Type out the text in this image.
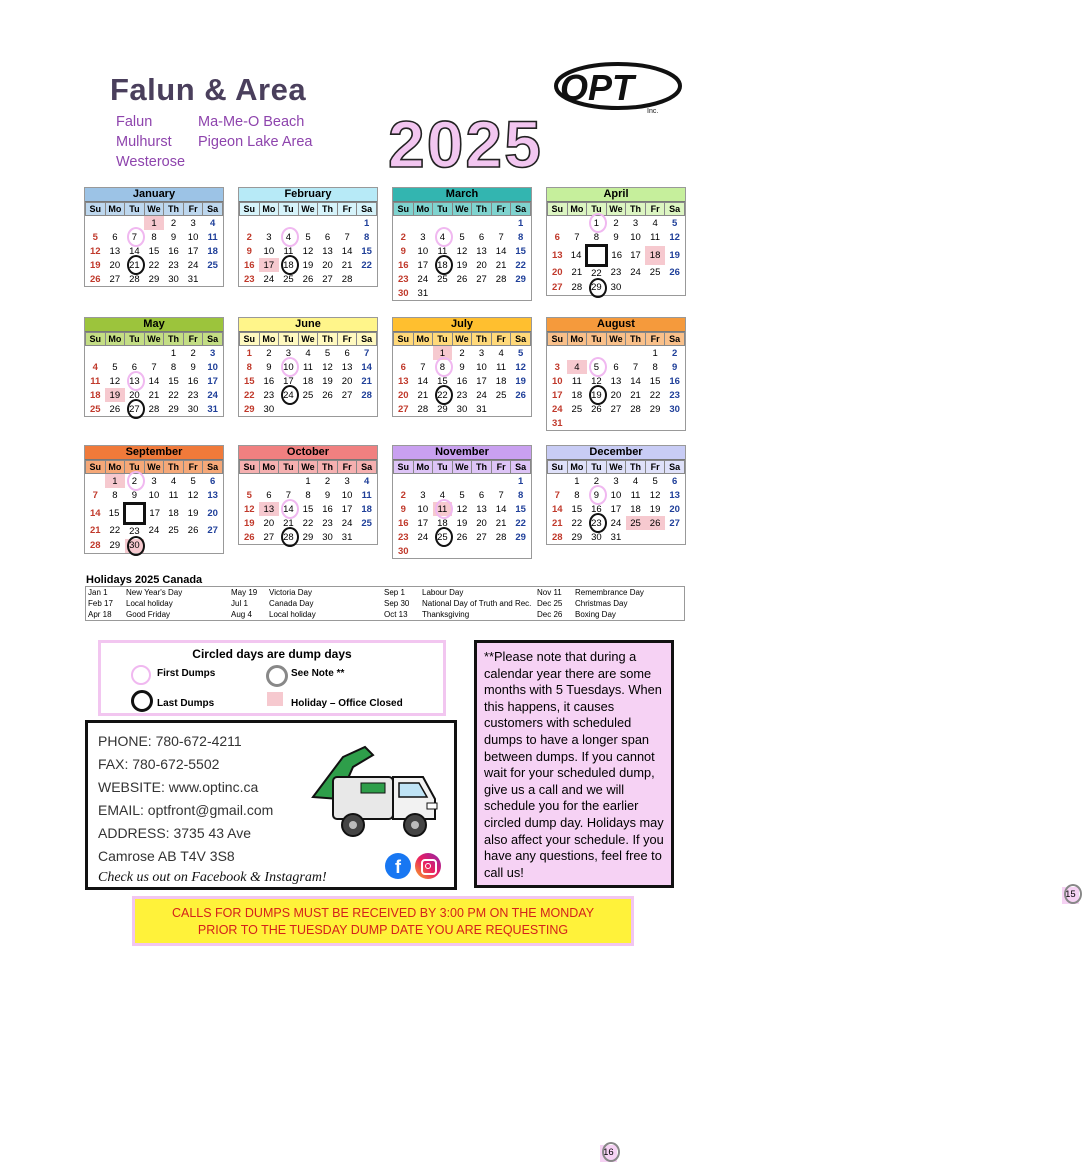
Falun & Area
Falun	Ma-Me-O Beach
Mulhurst Pigeon Lake Area
Westerose	2025
OPT
Inc.
January
Su	Mo	Tu	We	Th	Fr	Sa
			1	2	3	4
5	6	7	8	9	10	11
12	13	14	15	16	17	18
19	20	21	22	23	24	25
26	27	28	29	30	31	
February
Su	Mo	Tu	We	Th	Fr	Sa
						1
2	3	4	5	6	7	8
9	10	11	12	13	14	15
16	17	18	19	20	21	22
23	24	25	26	27	28	
March
Su	Mo	Tu	We	Th	Fr	Sa
						1
2	3	4	5	6	7	8
9	10	11	12	13	14	15
16	17	18	19	20	21	22
23	24	25	26	27	28	29
30	31					
April
Su	Mo	Tu	We	Th	Fr	Sa
		1	2	3	4	5
6	7	8	9	10	11	12
13	14	15	16	17	18	19
20	21	22	23	24	25	26
27	28	29	30			
May
Su	Mo	Tu	We	Th	Fr	Sa
				1	2	3
4	5	6	7	8	9	10
11	12	13	14	15	16	17
18	19	20	21	22	23	24
25	26	27	28	29	30	31
June
Su	Mo	Tu	We	Th	Fr	Sa
1	2	3	4	5	6	7
8	9	10	11	12	13	14
15	16	17	18	19	20	21
22	23	24	25	26	27	28
29	30					
July
Su	Mo	Tu	We	Th	Fr	Sa
		1	2	3	4	5
6	7	8	9	10	11	12
13	14	15	16	17	18	19
20	21	22	23	24	25	26
27	28	29	30	31		
August
Su	Mo	Tu	We	Th	Fr	Sa
					1	2
3	4	5	6	7	8	9
10	11	12	13	14	15	16
17	18	19	20	21	22	23
24	25	26	27	28	29	30
31						
September
Su	Mo	Tu	We	Th	Fr	Sa
	1	2	3	4	5	6
7	8	9	10	11	12	13
14	15	16	17	18	19	20
21	22	23	24	25	26	27
28	29	30				
October
Su	Mo	Tu	We	Th	Fr	Sa
			1	2	3	4
5	6	7	8	9	10	11
12	13	14	15	16	17	18
19	20	21	22	23	24	25
26	27	28	29	30	31	
November
Su	Mo	Tu	We	Th	Fr	Sa
						1
2	3	4	5	6	7	8
9	10	11	12	13	14	15
16	17	18	19	20	21	22
23	24	25	26	27	28	29
30						
December
Su	Mo	Tu	We	Th	Fr	Sa
	1	2	3	4	5	6
7	8	9	10	11	12	13
14	15	16	17	18	19	20
21	22	23	24	25	26	27
28	29	30	31			
Holidays 2025 Canada
Jan 1	New Year's Day	May 19	Victoria Day	Sep 1	Labour Day	Nov 11	Remembrance Day
Feb 17	Local holiday	Jul 1	Canada Day	Sep 30	National Day of Truth and Rec.	Dec 25	Christmas Day
Apr 18	Good Friday	Aug 4	Local holiday	Oct 13	Thanksgiving	Dec 26	Boxing Day
Circled days are dump days
First Dumps	See Note **
Last Dumps	Holiday – Office Closed
**Please note that during a calendar year there are some months with 5 Tuesdays. When this happens, it causes customers with scheduled dumps to have a longer span between dumps. If you cannot wait for your scheduled dump, give us a call and we will schedule you for the earlier circled dump day. Holidays may also affect your schedule. If you have any questions, feel free to call us!
PHONE: 780-672-4211
FAX: 780-672-5502
WEBSITE: www.optinc.ca
EMAIL: optfront@gmail.com
ADDRESS: 3735 43 Ave
Camrose AB T4V 3S8
Check us out on Facebook & Instagram!
f
CALLS FOR DUMPS MUST BE RECEIVED BY 3:00 PM ON THE MONDAY
PRIOR TO THE TUESDAY DUMP DATE YOU ARE REQUESTING
